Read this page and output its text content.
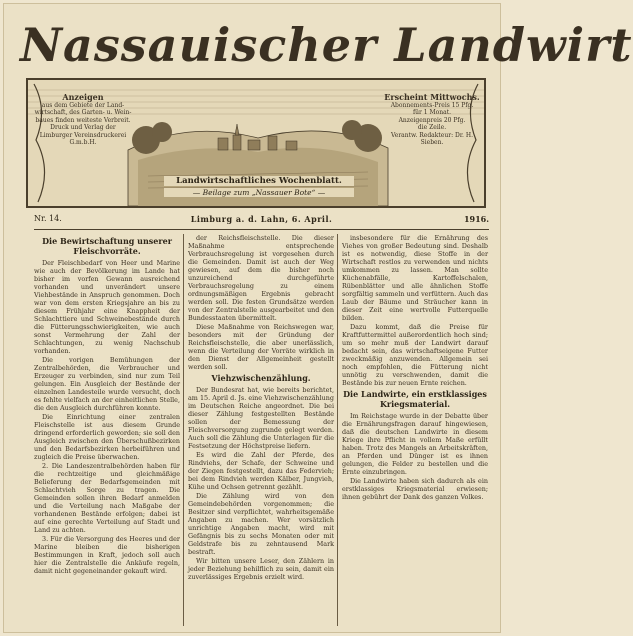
Nassauischer Landwirt
Anzeigen
aus dem Gebiete der Land-
wirtschaft, des Garten- u. Wein-
baues finden weiteste Verbreit.
Druck und Verlag der
Limburger Vereinsdruckerei G.m.b.H.
Erscheint Mittwochs.
Abonnements-Preis 15 Pfg.
für 1 Monat.
Anzeigenpreis 20 Pfg.
die Zeile.
Verantw. Redakteur: Dr. H. Sieben.
Landwirtschaftliches Wochenblatt.
— Beilage zum „Nassauer Bote“ —
Nr. 14.	Limburg a. d. Lahn, 6. April.	1916.
Die Bewirtschaftung unserer Fleischvorräte.

Der Fleischbedarf von Heer und Marine wie auch der Bevölkerung im Lande hat bisher im vorfen Gewann ausreichend vorhanden und unverändert unsere Viehbestände in Anspruch genommen. Doch war von dem ersten Kriegsjahre an bis zu diesem Frühjahr eine Knappheit der Schlachttiere und Schweinebestände durch die Fütterungsschwierigkeiten, wie auch sonst Vermehrung der Zahl der Schlachtungen, zu wenig Nachschub vorhanden.

Die vorigen Bemühungen der Zentralbehörden, die Verbraucher und Erzeuger zu verbinden, sind nur zum Teil gelungen. Ein Ausgleich der Bestände der einzelnen Landesteile wurde versucht, doch es fehlte vielfach an der einheitlichen Stelle, die den Ausgleich durchführen konnte.

Die Einrichtung einer zentralen Fleischstelle ist aus diesem Grunde dringend erforderlich geworden; sie soll den Ausgleich zwischen den Überschußbezirken und den Bedarfsbezirken herbeiführen und zugleich die Preise überwachen.

2. Die Landeszentralbehörden haben für die rechtzeitige und gleichmäßige Belieferung der Bedarfsgemeinden mit Schlachtvieh Sorge zu tragen. Die Gemeinden sollen ihren Bedarf anmelden und die Verteilung nach Maßgabe der vorhandenen Bestände erfolgen; dabei ist auf eine gerechte Verteilung auf Stadt und Land zu achten.

3. Für die Versorgung des Heeres und der Marine bleiben die bisherigen Bestimmungen in Kraft, jedoch soll auch hier die Zentralstelle die Ankäufe regeln, damit nicht gegeneinander gekauft wird.

der Reichsfleischstelle. Die dieser Maßnahme entsprechende Verbrauchsregelung ist vorgesehen durch die Gemeinden. Damit ist auch der Weg gewiesen, auf dem die bisher noch unzureichend durchgeführte Verbrauchsregelung zu einem ordnungsmäßigen Ergebnis gebracht werden soll. Die festen Grundsätze werden von der Zentralstelle ausgearbeitet und den Bundesstaaten übermittelt.

Diese Maßnahme von Reichswegen war, besonders mit der Gründung der Reichsfleischstelle, die aber unerlässlich, wenn die Verteilung der Vorräte wirklich in den Dienst der Allgemeinheit gestellt werden soll.

Viehzwischenzählung.

Der Bundesrat hat, wie bereits berichtet, am 15. April d. Js. eine Viehzwischenzählung im Deutschen Reiche angeordnet. Die bei dieser Zählung festgestellten Bestände sollen der Bemessung der Fleischversorgung zugrunde gelegt werden. Auch soll die Zählung die Unterlagen für die Festsetzung der Höchstpreise liefern.

Es wird die Zahl der Pferde, des Rindviehs, der Schafe, der Schweine und der Ziegen festgestellt, dazu das Federvieh; bei dem Rindvieh werden Kälber, Jungvieh, Kühe und Ochsen getrennt gezählt.

Die Zählung wird von den Gemeindebehörden vorgenommen; die Besitzer sind verpflichtet, wahrheitsgemäße Angaben zu machen. Wer vorsätzlich unrichtige Angaben macht, wird mit Gefängnis bis zu sechs Monaten oder mit Geldstrafe bis zu zehntausend Mark bestraft.

Wir bitten unsere Leser, den Zählern in jeder Beziehung behilflich zu sein, damit ein zuverlässiges Ergebnis erzielt wird.

insbesondere für die Ernährung des Viehes von großer Bedeutung sind. Deshalb ist es notwendig, diese Stoffe in der Wirtschaft restlos zu verwenden und nichts umkommen zu lassen. Man sollte Küchenabfälle, Kartoffelschalen, Rübenblätter und alle ähnlichen Stoffe sorgfältig sammeln und verfüttern. Auch das Laub der Bäume und Sträucher kann in dieser Zeit eine wertvolle Futterquelle bilden.

Dazu kommt, daß die Preise für Kraftfuttermittel außerordentlich hoch sind; um so mehr muß der Landwirt darauf bedacht sein, das wirtschaftseigene Futter zweckmäßig anzuwenden. Allgemein sei noch empfohlen, die Fütterung nicht unnötig zu verschwenden, damit die Bestände bis zur neuen Ernte reichen.

Die Landwirte, ein erstklassiges Kriegsmaterial.

Im Reichstage wurde in der Debatte über die Ernährungsfragen darauf hingewiesen, daß die deutschen Landwirte in diesem Kriege ihre Pflicht in vollem Maße erfüllt haben. Trotz des Mangels an Arbeitskräften, an Pferden und Dünger ist es ihnen gelungen, die Felder zu bestellen und die Ernte einzubringen.

Die Landwirte haben sich dadurch als ein erstklassiges Kriegsmaterial erwiesen; ihnen gebührt der Dank des ganzen Volkes.
